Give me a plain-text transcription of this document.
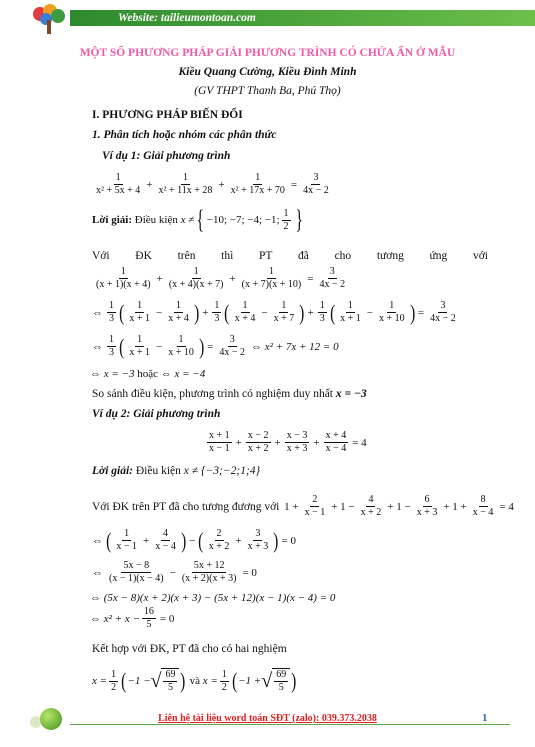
Website: tailieumontoan.com
MỘT SỐ PHƯƠNG PHÁP GIẢI PHƯƠNG TRÌNH CÓ CHỨA ẨN Ở MẪU
Kiều Quang Cường, Kiều Đình Minh
(GV THPT Thanh Ba, Phú Thọ)
I. PHƯƠNG PHÁP BIẾN ĐỔI
1. Phân tích hoặc nhóm các phân thức
Ví dụ 1: Giải phương trình
$\frac{1}{\text{x² + 5x + 4}} + \frac{1}{\text{x² + 11x + 28}} + \frac{1}{\text{x² + 17x + 70}} = \frac{3}{4x - 2}$
Lời giải:
Điều kiện
x ≠ { −10; −7; −4; −1; $\frac{1}{2}$ }
Với ĐK trên thì PT đã cho tương ứng với
$\frac{1}{(x + 1)(x + 4)} + \frac{1}{(x + 4)(x + 7)} + \frac{1}{(x + 7)(x + 10)} = \frac{3}{4x - 2}$
⇔ $\frac{1}{3}$ ( $\frac{1}{x + 1} - \frac{1}{x + 4}$ ) + $\frac{1}{3}$ ( $\frac{1}{x + 4} - \frac{1}{x + 7}$ ) + $\frac{1}{3}$ ( $\frac{1}{x + 1} - \frac{1}{x + 10}$ ) = $\frac{3}{4x - 2}$
⇔ $\frac{1}{3}$ ( $\frac{1}{x + 1} - \frac{1}{x + 10}$ ) = $\frac{3}{4x - 2}$ ⇔ x² + 7x + 12 = 0
⇔ x = −3
hoặc
⇔ x = −4
So sánh điều kiện, phương trình có nghiệm duy nhất x = −3
Ví dụ 2: Giải phương trình
$\frac{x + 1}{x - 1} + \frac{x - 2}{x + 2} + \frac{x - 3}{x + 3} + \frac{x + 4}{x - 4} = 4$
Lời giải: Điều kiện x ≠ {−3;−2;1;4}
Với ĐK trên PT đã cho tương đương với
$1 + \frac{2}{x - 1} + 1 - \frac{4}{x + 2} + 1 - \frac{6}{x + 3} + 1 + \frac{8}{x - 4} = 4$
⇔ ( $\frac{1}{x - 1} + \frac{4}{x - 4}$ ) − ( $\frac{2}{x + 2} + \frac{3}{x + 3}$ ) = 0
⇔ $\frac{5x - 8}{(x - 1)(x - 4)} - \frac{5x + 12}{(x + 2)(x + 3)} = 0$
⇔ (5x − 8)(x + 2)(x + 3) − (5x + 12)(x − 1)(x − 4) = 0
⇔ $x^2 + x - \frac{16}{5} = 0$
Kết hợp với ĐK, PT đã cho có hai nghiệm
$x = \frac{1}{2}$ ( −1 − √ $\frac{69}{5}$ )
và
$x = \frac{1}{2}$ ( −1 + √ $\frac{69}{5}$ )
Liên hệ tài liệu word toán SĐT (zalo): 039.373.2038	1
